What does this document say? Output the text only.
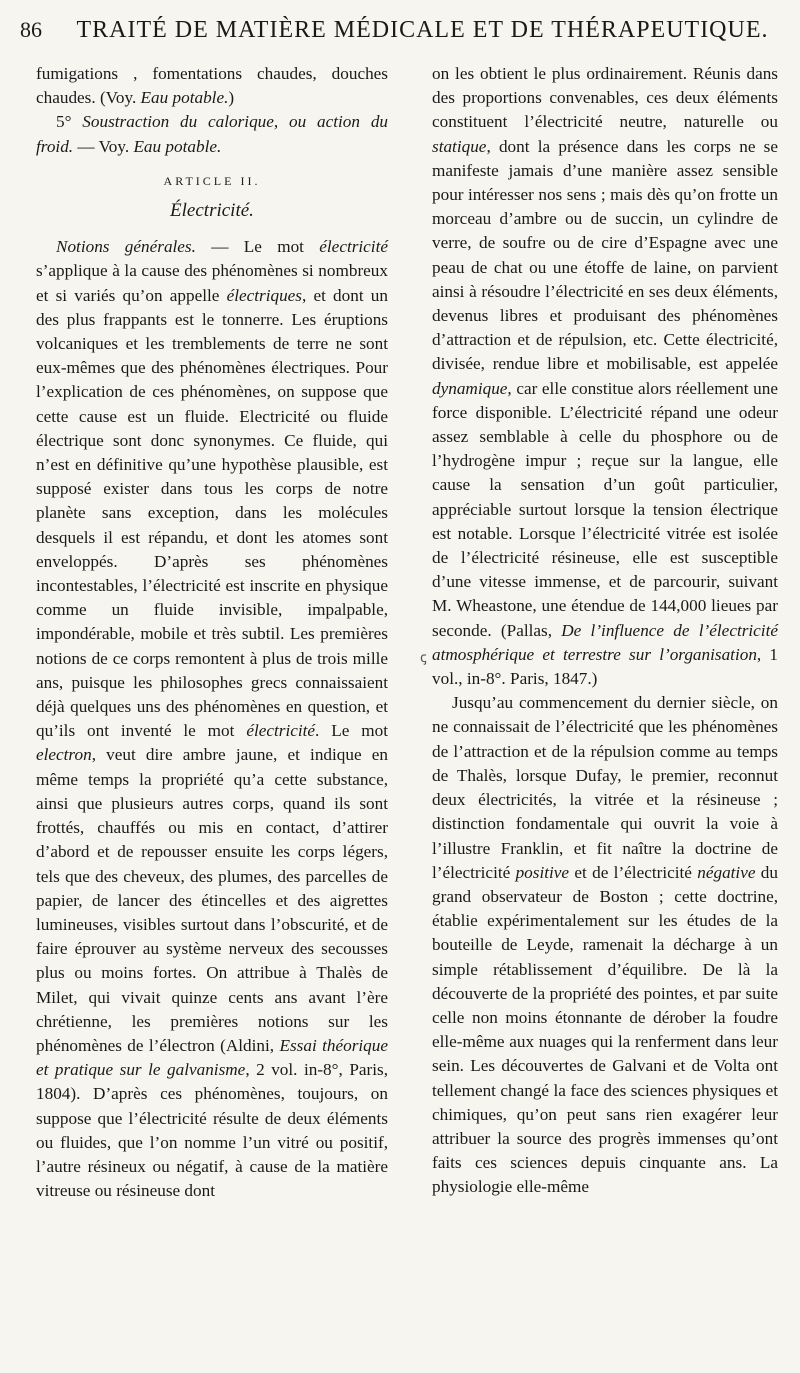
86	TRAITÉ DE MATIÈRE MÉDICALE ET DE THÉRAPEUTIQUE.

fumigations , fomentations chaudes, douches chaudes. (Voy. Eau potable.)

5° Soustraction du calorique, ou action du froid. — Voy. Eau potable.

ARTICLE II.
Électricité.

Notions générales. — Le mot électricité s’applique à la cause des phénomènes si nombreux et si variés qu’on appelle électriques, et dont un des plus frappants est le tonnerre. Les éruptions volcaniques et les tremblements de terre ne sont eux-mêmes que des phénomènes électriques. Pour l’explication de ces phénomènes, on suppose que cette cause est un fluide. Electricité ou fluide électrique sont donc synonymes. Ce fluide, qui n’est en définitive qu’une hypothèse plausible, est supposé exister dans tous les corps de notre planète sans exception, dans les molécules desquels il est répandu, et dont les atomes sont enveloppés. D’après ses phénomènes incontestables, l’électricité est inscrite en physique comme un fluide invisible, impalpable, impondérable, mobile et très subtil. Les premières notions de ce corps remontent à plus de trois mille ans, puisque les philosophes grecs connaissaient déjà quelques uns des phénomènes en question, et qu’ils ont inventé le mot électricité. Le mot electron, veut dire ambre jaune, et indique en même temps la propriété qu’a cette substance, ainsi que plusieurs autres corps, quand ils sont frottés, chauffés ou mis en contact, d’attirer d’abord et de repousser ensuite les corps légers, tels que des cheveux, des plumes, des parcelles de papier, de lancer des étincelles et des aigrettes lumineuses, visibles surtout dans l’obscurité, et de faire éprouver au système nerveux des secousses plus ou moins fortes. On attribue à Thalès de Milet, qui vivait quinze cents ans avant l’ère chrétienne, les premières notions sur les phénomènes de l’électron (Aldini, Essai théorique et pratique sur le galvanisme, 2 vol. in-8°, Paris, 1804). D’après ces phénomènes, toujours, on suppose que l’électricité résulte de deux éléments ou fluides, que l’on nomme l’un vitré ou positif, l’autre résineux ou négatif, à cause de la matière vitreuse ou résineuse dont

ꞔ

on les obtient le plus ordinairement. Réunis dans des proportions convenables, ces deux éléments constituent l’électricité neutre, naturelle ou statique, dont la présence dans les corps ne se manifeste jamais d’une manière assez sensible pour intéresser nos sens ; mais dès qu’on frotte un morceau d’ambre ou de succin, un cylindre de verre, de soufre ou de cire d’Espagne avec une peau de chat ou une étoffe de laine, on parvient ainsi à résoudre l’électricité en ses deux éléments, devenus libres et produisant des phénomènes d’attraction et de répulsion, etc. Cette électricité, divisée, rendue libre et mobilisable, est appelée dynamique, car elle constitue alors réellement une force disponible. L’électricité répand une odeur assez semblable à celle du phosphore ou de l’hydrogène impur ; reçue sur la langue, elle cause la sensation d’un goût particulier, appréciable surtout lorsque la tension électrique est notable. Lorsque l’électricité vitrée est isolée de l’électricité résineuse, elle est susceptible d’une vitesse immense, et de parcourir, suivant M. Wheastone, une étendue de 144,000 lieues par seconde. (Pallas, De l’influence de l’électricité atmosphérique et terrestre sur l’organisation, 1 vol., in-8°. Paris, 1847.)

Jusqu’au commencement du dernier siècle, on ne connaissait de l’électricité que les phénomènes de l’attraction et de la répulsion comme au temps de Thalès, lorsque Dufay, le premier, reconnut deux électricités, la vitrée et la résineuse ; distinction fondamentale qui ouvrit la voie à l’illustre Franklin, et fit naître la doctrine de l’électricité positive et de l’électricité négative du grand observateur de Boston ; cette doctrine, établie expérimentalement sur les études de la bouteille de Leyde, ramenait la décharge à un simple rétablissement d’équilibre. De là la découverte de la propriété des pointes, et par suite celle non moins étonnante de dérober la foudre elle-même aux nuages qui la renferment dans leur sein. Les découvertes de Galvani et de Volta ont tellement changé la face des sciences physiques et chimiques, qu’on peut sans rien exagérer leur attribuer la source des progrès immenses qu’ont faits ces sciences depuis cinquante ans. La physiologie elle-même
